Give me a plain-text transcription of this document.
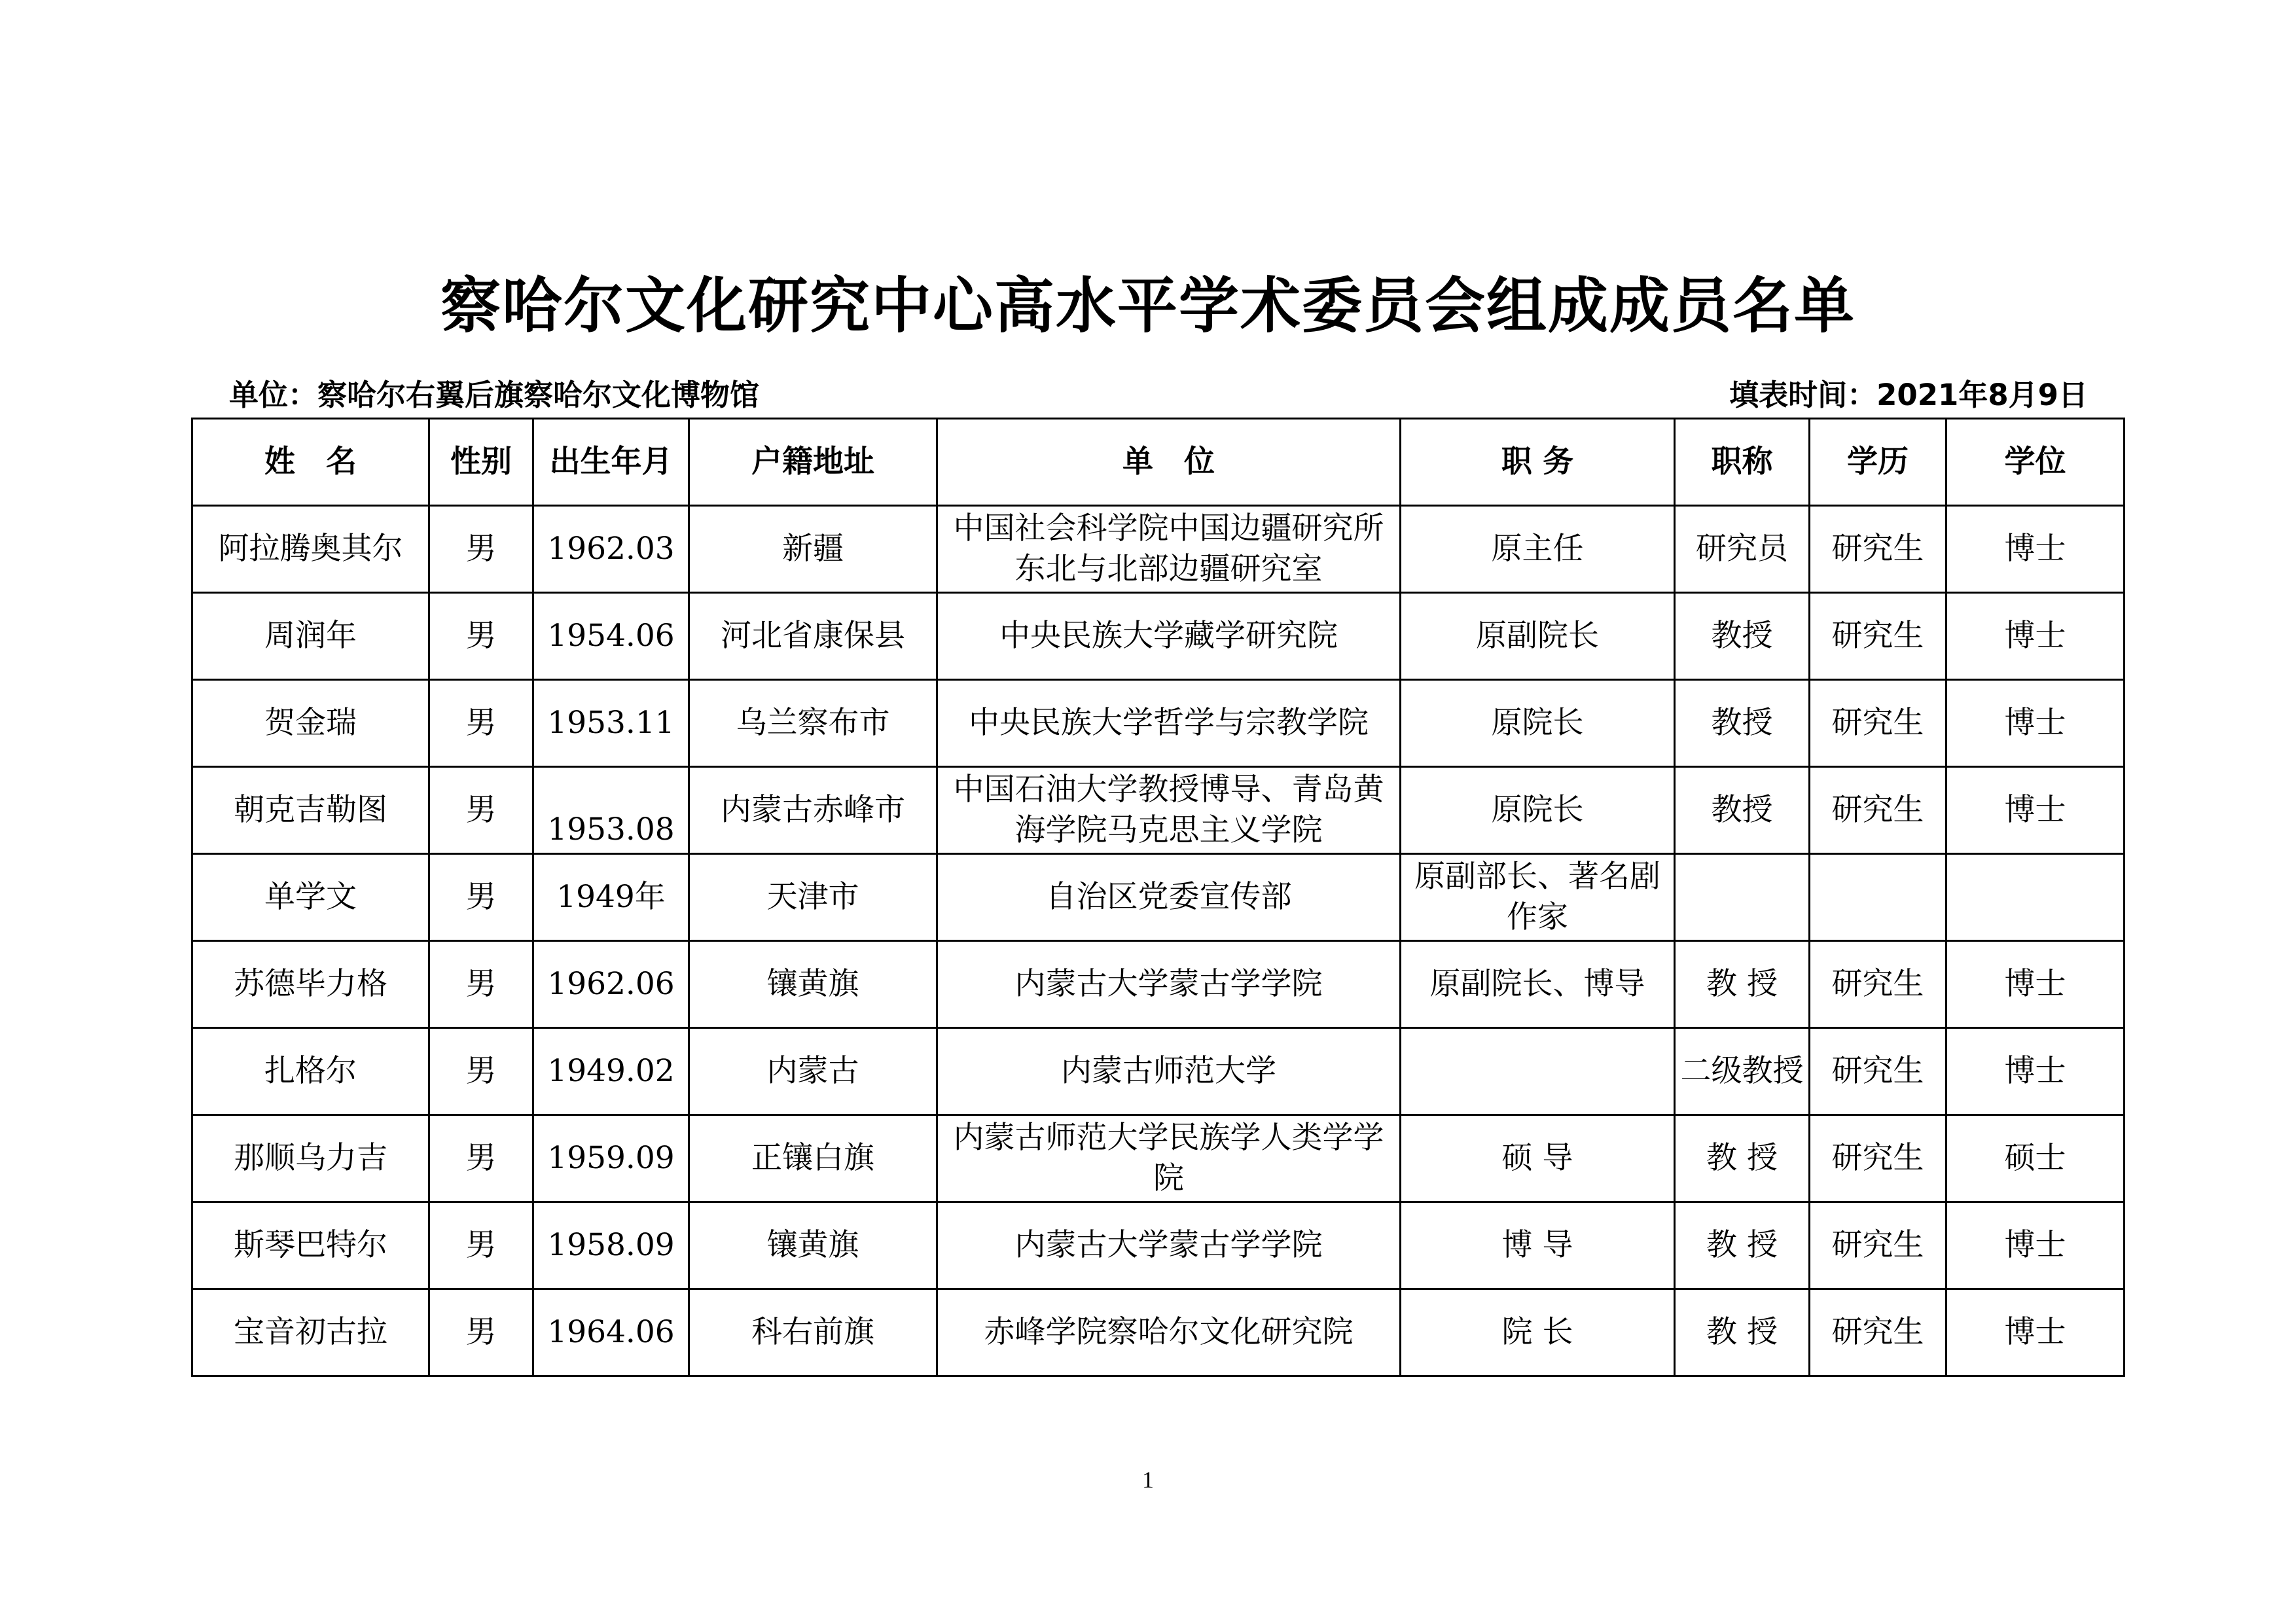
察哈尔文化研究中心高水平学术委员会组成成员名单
单位：察哈尔右翼后旗察哈尔文化博物馆	填表时间：2021年8月9日
姓　名	性别	出生年月	户籍地址	单　位	职 务	职称	学历	学位
阿拉腾奥其尔	男	1962.03	新疆	中国社会科学院中国边疆研究所东北与北部边疆研究室	原主任	研究员	研究生	博士
周润年	男	1954.06	河北省康保县	中央民族大学藏学研究院	原副院长	教授	研究生	博士
贺金瑞	男	1953.11	乌兰察布市	中央民族大学哲学与宗教学院	原院长	教授	研究生	博士
朝克吉勒图	男	1953.08	内蒙古赤峰市	中国石油大学教授博导、青岛黄海学院马克思主义学院	原院长	教授	研究生	博士
单学文	男	1949年	天津市	自治区党委宣传部	原副部长、著名剧作家			
苏德毕力格	男	1962.06	镶黄旗	内蒙古大学蒙古学学院	原副院长、博导	教 授	研究生	博士
扎格尔	男	1949.02	内蒙古	内蒙古师范大学		二级教授	研究生	博士
那顺乌力吉	男	1959.09	正镶白旗	内蒙古师范大学民族学人类学学院	硕 导	教 授	研究生	硕士
斯琴巴特尔	男	1958.09	镶黄旗	内蒙古大学蒙古学学院	博 导	教 授	研究生	博士
宝音初古拉	男	1964.06	科右前旗	赤峰学院察哈尔文化研究院	院 长	教 授	研究生	博士
1
